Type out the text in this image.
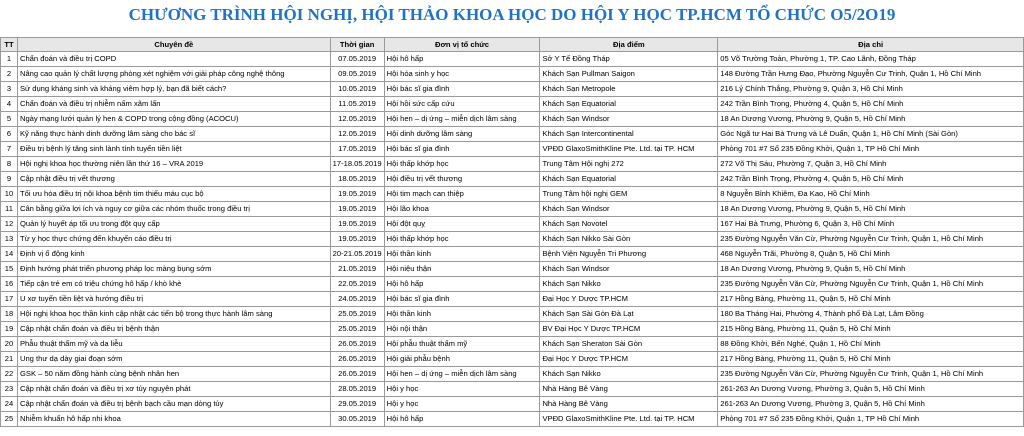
CHƯƠNG TRÌNH HỘI NGHỊ, HỘI THẢO KHOA HỌC DO HỘI Y HỌC TP.HCM TỔ CHỨC O5/2O19
TT	Chuyên đề	Thời gian	Đơn vị tổ chức	Địa điểm	Địa chỉ
1	Chẩn đoán và điều trị COPD	07.05.2019	Hội hô hấp	Sở Y Tế Đồng Tháp	05 Võ Trường Toản, Phường 1, TP. Cao Lãnh, Đồng Tháp
2	Nâng cao quản lý chất lượng phòng xét nghiệm với giải pháp công nghệ thông	09.05.2019	Hội hóa sinh y học	Khách Sạn Pullman Saigon	148 Đường Trần Hưng Đạo, Phường Nguyễn Cư Trinh, Quận 1, Hồ Chí Minh
3	Sử dụng kháng sinh và kháng viêm hợp lý, bạn đã biết cách?	10.05.2019	Hội bác sĩ gia đình	Khách Sạn Metropole	216 Lý Chính Thắng, Phường 9, Quận 3, Hồ Chí Minh
4	Chẩn đoán và điều trị nhiễm nấm xâm lấn	11.05.2019	Hội hồi sức cấp cứu	Khách Sạn Equatorial	242 Trần Bình Trọng, Phường 4, Quận 5, Hồ Chí Minh
5	Ngày mạng lưới quản lý hen & COPD trong cộng đồng (ACOCU)	12.05.2019	Hội hen – dị ứng – miễn dịch lâm sàng	Khách Sạn Windsor	18 An Dương Vương, Phường 9, Quận 5, Hồ Chí Minh
6	Kỹ năng thực hành dinh dưỡng lâm sàng cho bác sĩ	12.05.2019	Hội dinh dưỡng lâm sàng	Khách Sạn Intercontinental	Góc Ngã tư Hai Bà Trưng và Lê Duẩn, Quận 1, Hồ Chí Minh (Sài Gòn)
7	Điều trị bệnh lý tăng sinh lành tính tuyến tiền liệt	17.05.2019	Hội bác sĩ gia đình	VPĐD GlaxoSmithKline Pte. Ltd. tại TP. HCM	Phòng 701 #7 Số 235 Đồng Khởi, Quận 1, TP Hồ Chí Minh
8	Hội nghị khoa học thường niên lần thứ 16 – VRA 2019	17-18.05.2019	Hội thấp khớp học	Trung Tâm Hội nghị 272	272 Võ Thị Sáu, Phường 7, Quận 3, Hồ Chí Minh
9	Cập nhật điều trị vết thương	18.05.2019	Hội điều trị vết thương	Khách Sạn Equatorial	242 Trần Bình Trọng, Phường 4, Quận 5, Hồ Chí Minh
10	Tối ưu hóa điều trị nội khoa bệnh tim thiếu máu cục bộ	19.05.2019	Hội tim mạch can thiệp	Trung Tâm hội nghị GEM	8 Nguyễn Bỉnh Khiêm, Đa Kao, Hồ Chí Minh
11	Cân bằng giữa lợi ích và nguy cơ giữa các nhóm thuốc trong điều trị	19.05.2019	Hội lão khoa	Khách Sạn Windsor	18 An Dương Vương, Phường 9, Quận 5, Hồ Chí Minh
12	Quản lý huyết áp tối ưu trong đột quỵ cấp	19.05.2019	Hội đột quỵ	Khách Sạn Novotel	167 Hai Bà Trưng, Phường 6, Quận 3, Hồ Chí Minh
13	Từ y học thực chứng đến khuyến cáo điều trị	19.05.2019	Hội thấp khớp học	Khách Sạn Nikko Sài Gòn	235 Đường Nguyễn Văn Cừ, Phường Nguyễn Cư Trinh, Quận 1, Hồ Chí Minh
14	Định vị ổ động kinh	20-21.05.2019	Hội thần kinh	Bệnh Viện Nguyễn Tri Phương	468 Nguyễn Trãi, Phường 8, Quận 5, Hồ Chí Minh
15	Định hướng phát triển phương pháp lọc màng bụng sớm	21.05.2019	Hội niệu thận	Khách Sạn Windsor	18 An Dương Vương, Phường 9, Quận 5, Hồ Chí Minh
16	Tiếp cận trẻ em có triệu chứng hô hấp / khò khè	22.05.2019	Hội hô hấp	Khách Sạn Nikko	235 Đường Nguyễn Văn Cừ, Phường Nguyễn Cư Trinh, Quận 1, Hồ Chí Minh
17	U xơ tuyến tiền liệt và hướng điều trị	24.05.2019	Hội bác sĩ gia đình	Đại Học Y Dược TP.HCM	217 Hồng Bàng, Phường 11, Quận 5, Hồ Chí Minh
18	Hội nghị khoa học thần kinh cập nhật các tiến bộ trong thực hành lâm sàng	25.05.2019	Hội thần kinh	Khách Sạn Sài Gòn Đà Lạt	180 Ba Tháng Hai, Phường 4, Thành phố Đà Lạt, Lâm Đồng
19	Cập nhật chẩn đoán và điều trị bệnh thận	25.05.2019	Hội nội thận	BV Đại Học Y Dược TP.HCM	215 Hồng Bàng, Phường 11, Quận 5, Hồ Chí Minh
20	Phẫu thuật thẩm mỹ và da liễu	26.05.2019	Hội phẫu thuật thẩm mỹ	Khách Sạn Sheraton Sài Gòn	88 Đồng Khởi, Bến Nghé, Quận 1, Hồ Chí Minh
21	Ung thư dạ dày giai đoạn sớm	26.05.2019	Hội giải phẫu bệnh	Đại Học Y Dược TP.HCM	217 Hồng Bàng, Phường 11, Quận 5, Hồ Chí Minh
22	GSK – 50 năm đồng hành cùng bệnh nhân hen	26.05.2019	Hội hen – dị ứng – miễn dịch lâm sàng	Khách Sạn Nikko	235 Đường Nguyễn Văn Cừ, Phường Nguyễn Cư Trinh, Quận 1, Hồ Chí Minh
23	Cập nhật chẩn đoán và điều trị xơ tủy nguyên phát	28.05.2019	Hội y học	Nhà Hàng Bê Vàng	261-263 An Dương Vương, Phường 3, Quận 5, Hồ Chí Minh
24	Cập nhật chẩn đoán và điều trị bệnh bạch cầu mạn dòng tủy	29.05.2019	Hội y học	Nhà Hàng Bê Vàng	261-263 An Dương Vương, Phường 3, Quận 5, Hồ Chí Minh
25	Nhiễm khuẩn hô hấp nhi khoa	30.05.2019	Hội hô hấp	VPĐD GlaxoSmithKline Pte. Ltd. tại TP. HCM	Phòng 701 #7 Số 235 Đồng Khởi, Quận 1, TP Hồ Chí Minh
